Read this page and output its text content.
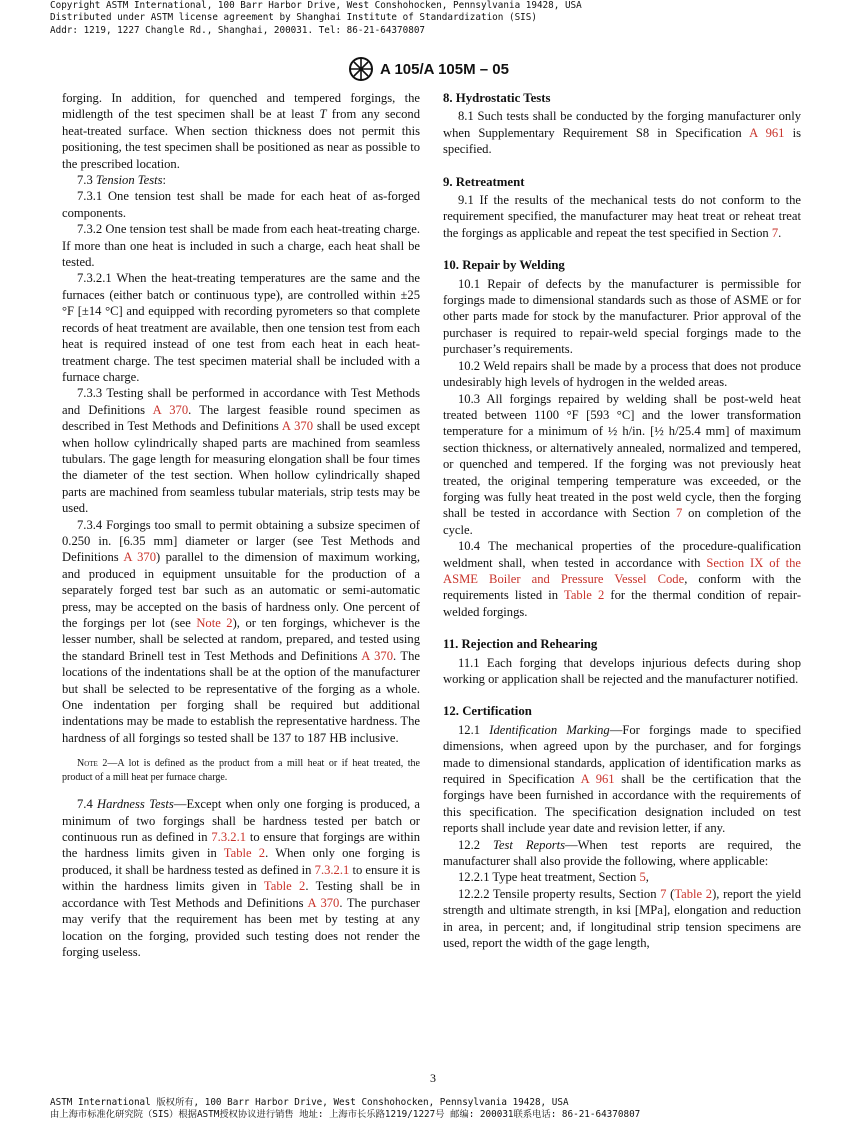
Copyright ASTM International, 100 Barr Harbor Drive, West Conshohocken, Pennsylvania 19428, USA
Distributed under ASTM license agreement by Shanghai Institute of Standardization (SIS)
Addr: 1219, 1227 Changle Rd., Shanghai, 200031. Tel: 86-21-64370807
A 105/A 105M – 05

forging. In addition, for quenched and tempered forgings, the midlength of the test specimen shall be at least T from any second heat-treated surface. When section thickness does not permit this positioning, the test specimen shall be positioned as near as possible to the prescribed location.

7.3 Tension Tests:

7.3.1 One tension test shall be made for each heat of as-forged components.

7.3.2 One tension test shall be made from each heat-treating charge. If more than one heat is included in such a charge, each heat shall be tested.

7.3.2.1 When the heat-treating temperatures are the same and the furnaces (either batch or continuous type), are controlled within ±25 °F [±14 °C] and equipped with recording pyrometers so that complete records of heat treatment are available, then one tension test from each heat is required instead of one test from each heat in each heat-treatment charge. The test specimen material shall be included with a furnace charge.

7.3.3 Testing shall be performed in accordance with Test Methods and Definitions A 370. The largest feasible round specimen as described in Test Methods and Definitions A 370 shall be used except when hollow cylindrically shaped parts are machined from seamless tubulars. The gage length for measuring elongation shall be four times the diameter of the test section. When hollow cylindrically shaped parts are machined from seamless tubular materials, strip tests may be used.

7.3.4 Forgings too small to permit obtaining a subsize specimen of 0.250 in. [6.35 mm] diameter or larger (see Test Methods and Definitions A 370) parallel to the dimension of maximum working, and produced in equipment unsuitable for the production of a separately forged test bar such as an automatic or semi-automatic press, may be accepted on the basis of hardness only. One percent of the forgings per lot (see Note 2), or ten forgings, whichever is the lesser number, shall be selected at random, prepared, and tested using the standard Brinell test in Test Methods and Definitions A 370. The locations of the indentations shall be at the option of the manufacturer but shall be selected to be representative of the forging as a whole. One indentation per forging shall be required but additional indentations may be made to establish the representative hardness. The hardness of all forgings so tested shall be 137 to 187 HB inclusive.

Note 2—A lot is defined as the product from a mill heat or if heat treated, the product of a mill heat per furnace charge.

7.4 Hardness Tests—Except when only one forging is produced, a minimum of two forgings shall be hardness tested per batch or continuous run as defined in 7.3.2.1 to ensure that forgings are within the hardness limits given in Table 2. When only one forging is produced, it shall be hardness tested as defined in 7.3.2.1 to ensure it is within the hardness limits given in Table 2. Testing shall be in accordance with Test Methods and Definitions A 370. The purchaser may verify that the requirement has been met by testing at any location on the forging, provided such testing does not render the forging useless.

8. Hydrostatic Tests

8.1 Such tests shall be conducted by the forging manufacturer only when Supplementary Requirement S8 in Specification A 961 is specified.

9. Retreatment

9.1 If the results of the mechanical tests do not conform to the requirement specified, the manufacturer may heat treat or reheat treat the forgings as applicable and repeat the test specified in Section 7.

10. Repair by Welding

10.1 Repair of defects by the manufacturer is permissible for forgings made to dimensional standards such as those of ASME or for other parts made for stock by the manufacturer. Prior approval of the purchaser is required to repair-weld special forgings made to the purchaser’s requirements.

10.2 Weld repairs shall be made by a process that does not produce undesirably high levels of hydrogen in the welded areas.

10.3 All forgings repaired by welding shall be post-weld heat treated between 1100 °F [593 °C] and the lower transformation temperature for a minimum of ½ h/in. [½ h/25.4 mm] of maximum section thickness, or alternatively annealed, normalized and tempered, or quenched and tempered. If the forging was not previously heat treated, the original tempering temperature was exceeded, or the forging was fully heat treated in the post weld cycle, then the forging shall be tested in accordance with Section 7 on completion of the cycle.

10.4 The mechanical properties of the procedure-qualification weldment shall, when tested in accordance with Section IX of the ASME Boiler and Pressure Vessel Code, conform with the requirements listed in Table 2 for the thermal condition of repair-welded forgings.

11. Rejection and Rehearing

11.1 Each forging that develops injurious defects during shop working or application shall be rejected and the manufacturer notified.

12. Certification

12.1 Identification Marking—For forgings made to specified dimensions, when agreed upon by the purchaser, and for forgings made to dimensional standards, application of identification marks as required in Specification A 961 shall be the certification that the forgings have been furnished in accordance with the requirements of this specification. The specification designation included on test reports shall include year date and revision letter, if any.

12.2 Test Reports—When test reports are required, the manufacturer shall also provide the following, where applicable:

12.2.1 Type heat treatment, Section 5,

12.2.2 Tensile property results, Section 7 (Table 2), report the yield strength and ultimate strength, in ksi [MPa], elongation and reduction in area, in percent; and, if longitudinal strip tension specimens are used, report the width of the gage length,

3
ASTM International 版权所有, 100 Barr Harbor Drive, West Conshohocken, Pennsylvania 19428, USA
由上海市标准化研究院（SIS）根据ASTM授权协议进行销售 地址: 上海市长乐路1219/1227号 邮编: 200031联系电话: 86-21-64370807
